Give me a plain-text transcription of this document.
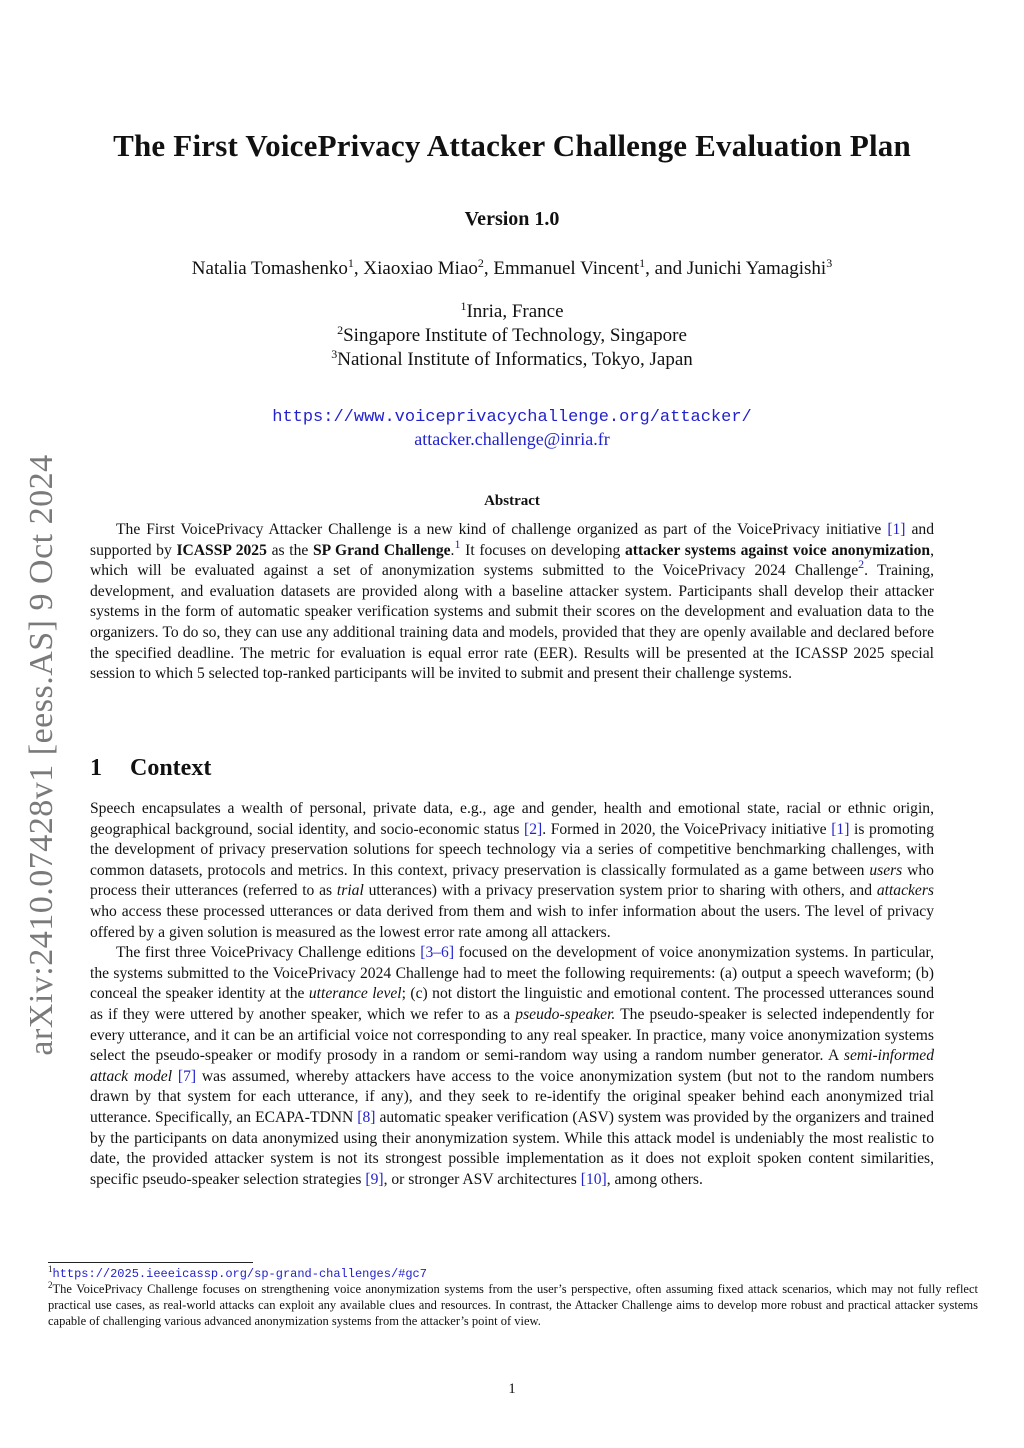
arXiv:2410.07428v1 [eess.AS] 9 Oct 2024
The First VoicePrivacy Attacker Challenge Evaluation Plan
Version 1.0
Natalia Tomashenko$^1$, Xiaoxiao Miao$^2$, Emmanuel Vincent$^1$, and Junichi Yamagishi$^3$
$^1$Inria, France
$^2$Singapore Institute of Technology, Singapore
$^3$National Institute of Informatics, Tokyo, Japan
https://www.voiceprivacychallenge.org/attacker/
attacker.challenge@inria.fr
Abstract

The First VoicePrivacy Attacker Challenge is a new kind of challenge organized as part of the VoicePrivacy initiative [1] and supported by ICASSP 2025 as the SP Grand Challenge.$^1$ It focuses on developing attacker systems against voice anonymization, which will be evaluated against a set of anonymization systems submitted to the VoicePrivacy 2024 Challenge$^2$. Training, development, and evaluation datasets are provided along with a baseline attacker system. Participants shall develop their attacker systems in the form of automatic speaker verification systems and submit their scores on the development and evaluation data to the organizers. To do so, they can use any additional training data and models, provided that they are openly available and declared before the specified deadline. The metric for evaluation is equal error rate (EER). Results will be presented at the ICASSP 2025 special session to which 5 selected top-ranked participants will be invited to submit and present their challenge systems.

1 Context

Speech encapsulates a wealth of personal, private data, e.g., age and gender, health and emotional state, racial or ethnic origin, geographical background, social identity, and socio-economic status [2]. Formed in 2020, the VoicePrivacy initiative [1] is promoting the development of privacy preservation solutions for speech technology via a series of competitive benchmarking challenges, with common datasets, protocols and metrics. In this context, privacy preservation is classically formulated as a game between users who process their utterances (referred to as trial utterances) with a privacy preservation system prior to sharing with others, and attackers who access these processed utterances or data derived from them and wish to infer information about the users. The level of privacy offered by a given solution is measured as the lowest error rate among all attackers.

The first three VoicePrivacy Challenge editions [3–6] focused on the development of voice anonymization systems. In particular, the systems submitted to the VoicePrivacy 2024 Challenge had to meet the following requirements: (a) output a speech waveform; (b) conceal the speaker identity at the utterance level; (c) not distort the linguistic and emotional content. The processed utterances sound as if they were uttered by another speaker, which we refer to as a pseudo-speaker. The pseudo-speaker is selected independently for every utterance, and it can be an artificial voice not corresponding to any real speaker. In practice, many voice anonymization systems select the pseudo-speaker or modify prosody in a random or semi-random way using a random number generator. A semi-informed attack model [7] was assumed, whereby attackers have access to the voice anonymization system (but not to the random numbers drawn by that system for each utterance, if any), and they seek to re-identify the original speaker behind each anonymized trial utterance. Specifically, an ECAPA-TDNN [8] automatic speaker verification (ASV) system was provided by the organizers and trained by the participants on data anonymized using their anonymization system. While this attack model is undeniably the most realistic to date, the provided attacker system is not its strongest possible implementation as it does not exploit spoken content similarities, specific pseudo-speaker selection strategies [9], or stronger ASV architectures [10], among others.

$^1$https://2025.ieeeicassp.org/sp-grand-challenges/#gc7
$^2$The VoicePrivacy Challenge focuses on strengthening voice anonymization systems from the user’s perspective, often assuming fixed attack scenarios, which may not fully reflect practical use cases, as real-world attacks can exploit any available clues and resources. In contrast, the Attacker Challenge aims to develop more robust and practical attacker systems capable of challenging various advanced anonymization systems from the attacker’s point of view.
1
